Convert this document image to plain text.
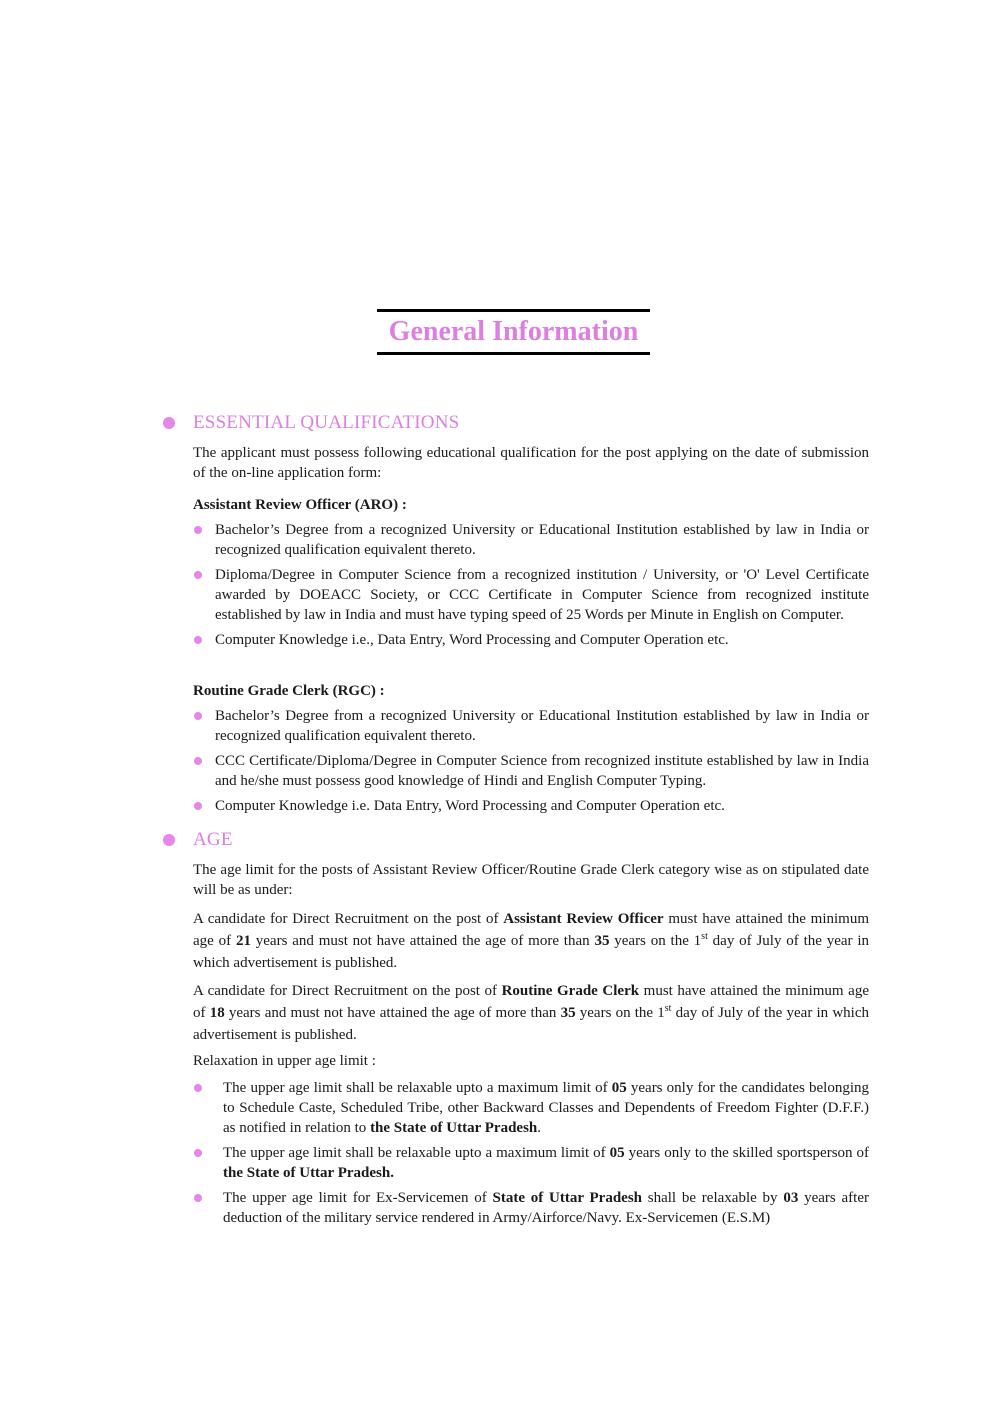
General Information
ESSENTIAL QUALIFICATIONS

The applicant must possess following educational qualification for the post applying on the date of submission of the on-line application form:

Assistant Review Officer (ARO) :

Bachelor’s Degree from a recognized University or Educational Institution established by law in India or recognized qualification equivalent thereto.
Diploma/Degree in Computer Science from a recognized institution / University, or 'O' Level Certificate awarded by DOEACC Society, or CCC Certificate in Computer Science from recognized institute established by law in India and must have typing speed of 25 Words per Minute in English on Computer.
Computer Knowledge i.e., Data Entry, Word Processing and Computer Operation etc.

Routine Grade Clerk (RGC) :

Bachelor’s Degree from a recognized University or Educational Institution established by law in India or recognized qualification equivalent thereto.
CCC Certificate/Diploma/Degree in Computer Science from recognized institute established by law in India and he/she must possess good knowledge of Hindi and English Computer Typing.
Computer Knowledge i.e. Data Entry, Word Processing and Computer Operation etc.
AGE

The age limit for the posts of Assistant Review Officer/Routine Grade Clerk category wise as on stipulated date will be as under:

A candidate for Direct Recruitment on the post of Assistant Review Officer must have attained the minimum age of 21 years and must not have attained the age of more than 35 years on the 1st day of July of the year in which advertisement is published.

A candidate for Direct Recruitment on the post of Routine Grade Clerk must have attained the minimum age of 18 years and must not have attained the age of more than 35 years on the 1st day of July of the year in which advertisement is published.

Relaxation in upper age limit :

The upper age limit shall be relaxable upto a maximum limit of 05 years only for the candidates belonging to Schedule Caste, Scheduled Tribe, other Backward Classes and Dependents of Freedom Fighter (D.F.F.) as notified in relation to the State of Uttar Pradesh.
The upper age limit shall be relaxable upto a maximum limit of 05 years only to the skilled sportsperson of the State of Uttar Pradesh.
The upper age limit for Ex-Servicemen of State of Uttar Pradesh shall be relaxable by 03 years after deduction of the military service rendered in Army/Airforce/Navy. Ex-Servicemen (E.S.M)
